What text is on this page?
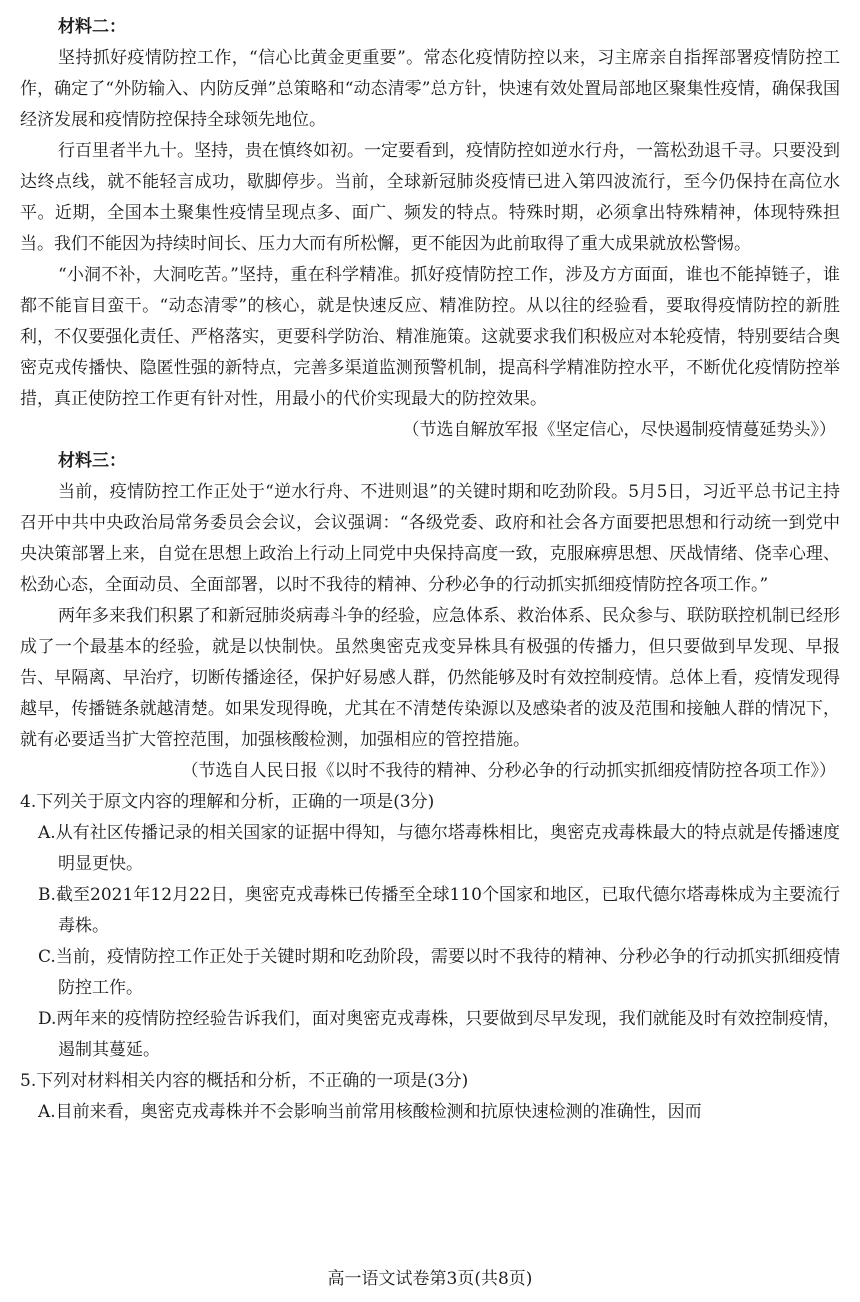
材料二：

坚持抓好疫情防控工作，“信心比黄金更重要”。常态化疫情防控以来，习主席亲自指挥部署疫情防控工作，确定了“外防输入、内防反弹”总策略和“动态清零”总方针，快速有效处置局部地区聚集性疫情，确保我国经济发展和疫情防控保持全球领先地位。

行百里者半九十。坚持，贵在慎终如初。一定要看到，疫情防控如逆水行舟，一篙松劲退千寻。只要没到达终点线，就不能轻言成功，歇脚停步。当前，全球新冠肺炎疫情已进入第四波流行，至今仍保持在高位水平。近期，全国本土聚集性疫情呈现点多、面广、频发的特点。特殊时期，必须拿出特殊精神，体现特殊担当。我们不能因为持续时间长、压力大而有所松懈，更不能因为此前取得了重大成果就放松警惕。

“小洞不补，大洞吃苦。”坚持，重在科学精准。抓好疫情防控工作，涉及方方面面，谁也不能掉链子，谁都不能盲目蛮干。“动态清零”的核心，就是快速反应、精准防控。从以往的经验看，要取得疫情防控的新胜利，不仅要强化责任、严格落实，更要科学防治、精准施策。这就要求我们积极应对本轮疫情，特别要结合奥密克戎传播快、隐匿性强的新特点，完善多渠道监测预警机制，提高科学精准防控水平，不断优化疫情防控举措，真正使防控工作更有针对性，用最小的代价实现最大的防控效果。

（节选自解放军报《坚定信心，尽快遏制疫情蔓延势头》）

材料三：

当前，疫情防控工作正处于“逆水行舟、不进则退”的关键时期和吃劲阶段。5月5日，习近平总书记主持召开中共中央政治局常务委员会会议，会议强调：“各级党委、政府和社会各方面要把思想和行动统一到党中央决策部署上来，自觉在思想上政治上行动上同党中央保持高度一致，克服麻痹思想、厌战情绪、侥幸心理、松劲心态，全面动员、全面部署，以时不我待的精神、分秒必争的行动抓实抓细疫情防控各项工作。”

两年多来我们积累了和新冠肺炎病毒斗争的经验，应急体系、救治体系、民众参与、联防联控机制已经形成了一个最基本的经验，就是以快制快。虽然奥密克戎变异株具有极强的传播力，但只要做到早发现、早报告、早隔离、早治疗，切断传播途径，保护好易感人群，仍然能够及时有效控制疫情。总体上看，疫情发现得越早，传播链条就越清楚。如果发现得晚，尤其在不清楚传染源以及感染者的波及范围和接触人群的情况下，就有必要适当扩大管控范围，加强核酸检测，加强相应的管控措施。

（节选自人民日报《以时不我待的精神、分秒必争的行动抓实抓细疫情防控各项工作》）

4.下列关于原文内容的理解和分析，正确的一项是(3分)

A.从有社区传播记录的相关国家的证据中得知，与德尔塔毒株相比，奥密克戎毒株最大的特点就是传播速度明显更快。

B.截至2021年12月22日，奥密克戎毒株已传播至全球110个国家和地区，已取代德尔塔毒株成为主要流行毒株。

C.当前，疫情防控工作正处于关键时期和吃劲阶段，需要以时不我待的精神、分秒必争的行动抓实抓细疫情防控工作。

D.两年来的疫情防控经验告诉我们，面对奥密克戎毒株，只要做到尽早发现，我们就能及时有效控制疫情，遏制其蔓延。

5.下列对材料相关内容的概括和分析，不正确的一项是(3分)

A.目前来看，奥密克戎毒株并不会影响当前常用核酸检测和抗原快速检测的准确性，因而

高一语文试卷第3页(共8页)
